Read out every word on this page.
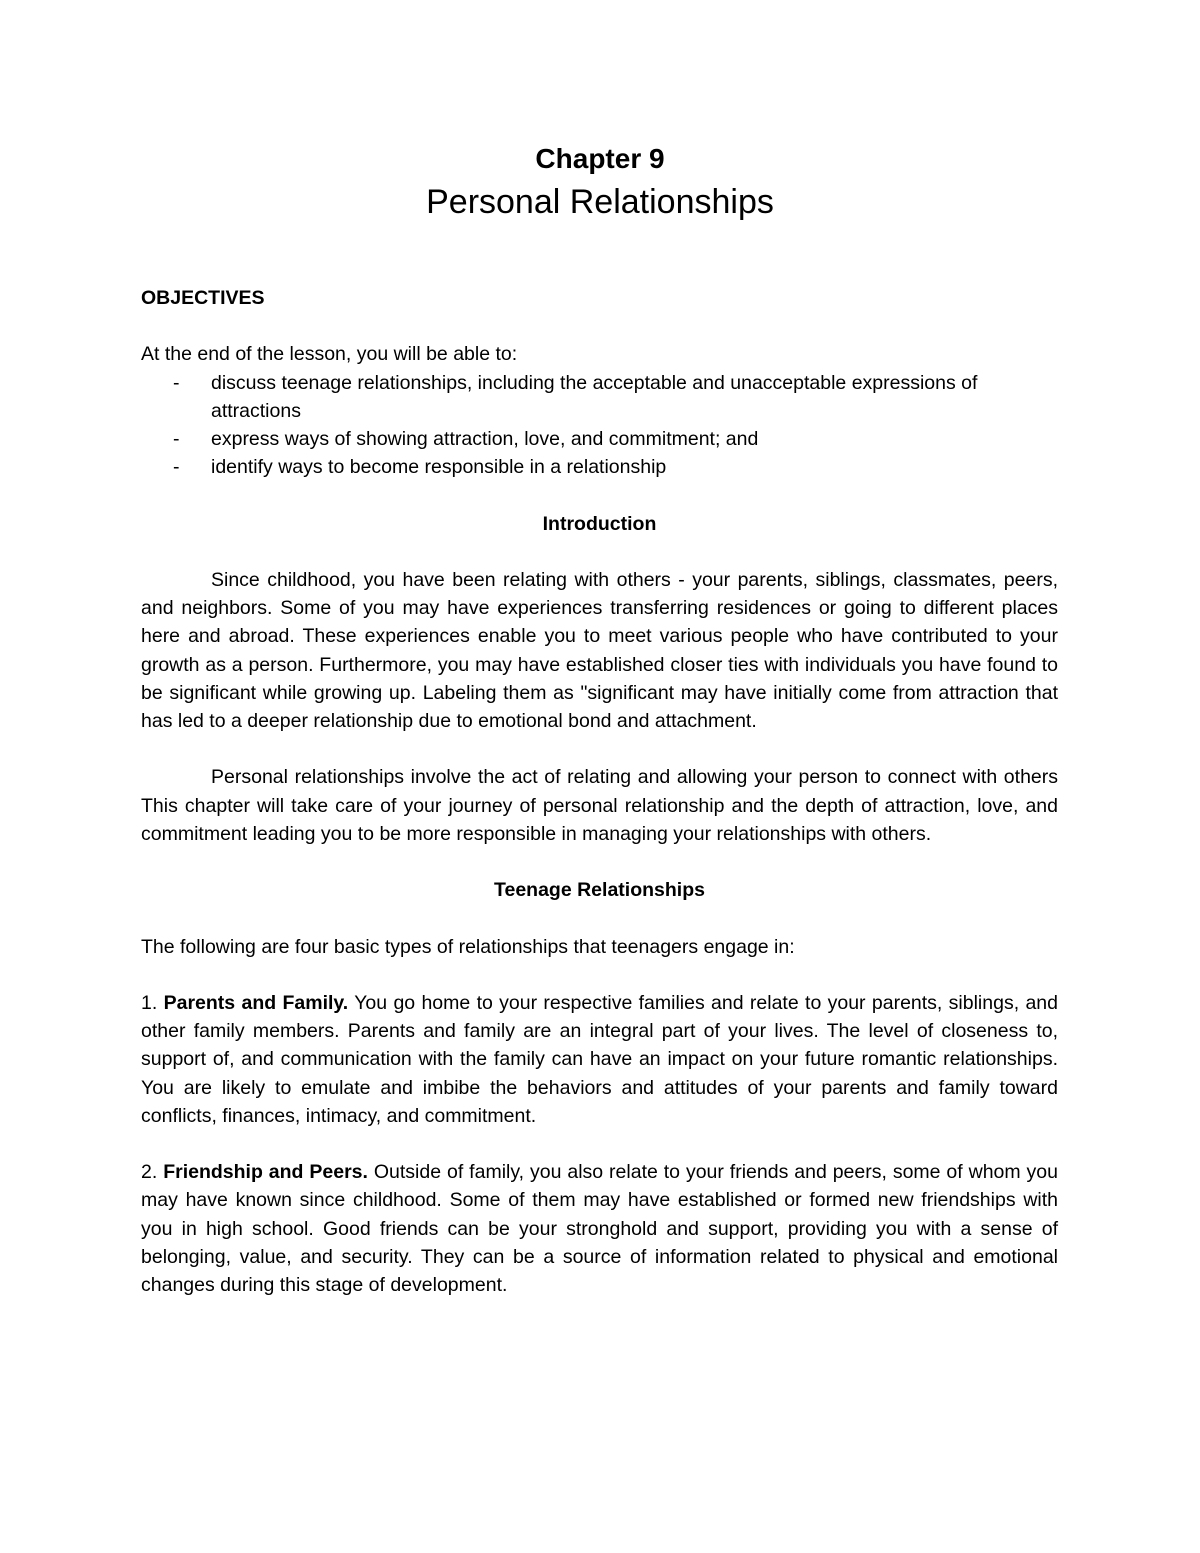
Chapter 9
Personal Relationships

OBJECTIVES

At the end of the lesson, you will be able to:

- discuss teenage relationships, including the acceptable and unacceptable expressions of attractions
- express ways of showing attraction, love, and commitment; and
- identify ways to become responsible in a relationship

Introduction

Since childhood, you have been relating with others - your parents, siblings, classmates, peers, and neighbors. Some of you may have experiences transferring residences or going to different places here and abroad. These experiences enable you to meet various people who have contributed to your growth as a person. Furthermore, you may have established closer ties with individuals you have found to be significant while growing up. Labeling them as "significant may have initially come from attraction that has led to a deeper relationship due to emotional bond and attachment.

Personal relationships involve the act of relating and allowing your person to connect with others This chapter will take care of your journey of personal relationship and the depth of attraction, love, and commitment leading you to be more responsible in managing your relationships with others.

Teenage Relationships

The following are four basic types of relationships that teenagers engage in:

1. Parents and Family. You go home to your respective families and relate to your parents, siblings, and other family members. Parents and family are an integral part of your lives. The level of closeness to, support of, and communication with the family can have an impact on your future romantic relationships. You are likely to emulate and imbibe the behaviors and attitudes of your parents and family toward conflicts, finances, intimacy, and commitment.

2. Friendship and Peers. Outside of family, you also relate to your friends and peers, some of whom you may have known since childhood. Some of them may have established or formed new friendships with you in high school. Good friends can be your stronghold and support, providing you with a sense of belonging, value, and security. They can be a source of information related to physical and emotional changes during this stage of development.
